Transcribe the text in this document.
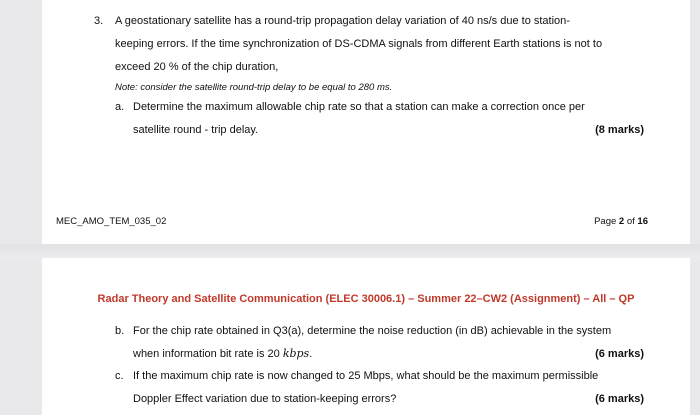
3. A geostationary satellite has a round-trip propagation delay variation of 40 ns/s due to station-
keeping errors. If the time synchronization of DS-CDMA signals from different Earth stations is not to
exceed 20 % of the chip duration,
Note: consider the satellite round-trip delay to be equal to 280 ms.
a. Determine the maximum allowable chip rate so that a station can make a correction once per
satellite round - trip delay.	(8 marks)
MEC_AMO_TEM_035_02	Page 2 of 16
Radar Theory and Satellite Communication (ELEC 30006.1) – Summer 22–CW2 (Assignment) – All – QP
b. For the chip rate obtained in Q3(a), determine the noise reduction (in dB) achievable in the system
when information bit rate is 20 kbps.	(6 marks)
c. If the maximum chip rate is now changed to 25 Mbps, what should be the maximum permissible
Doppler Effect variation due to station-keeping errors?	(6 marks)
